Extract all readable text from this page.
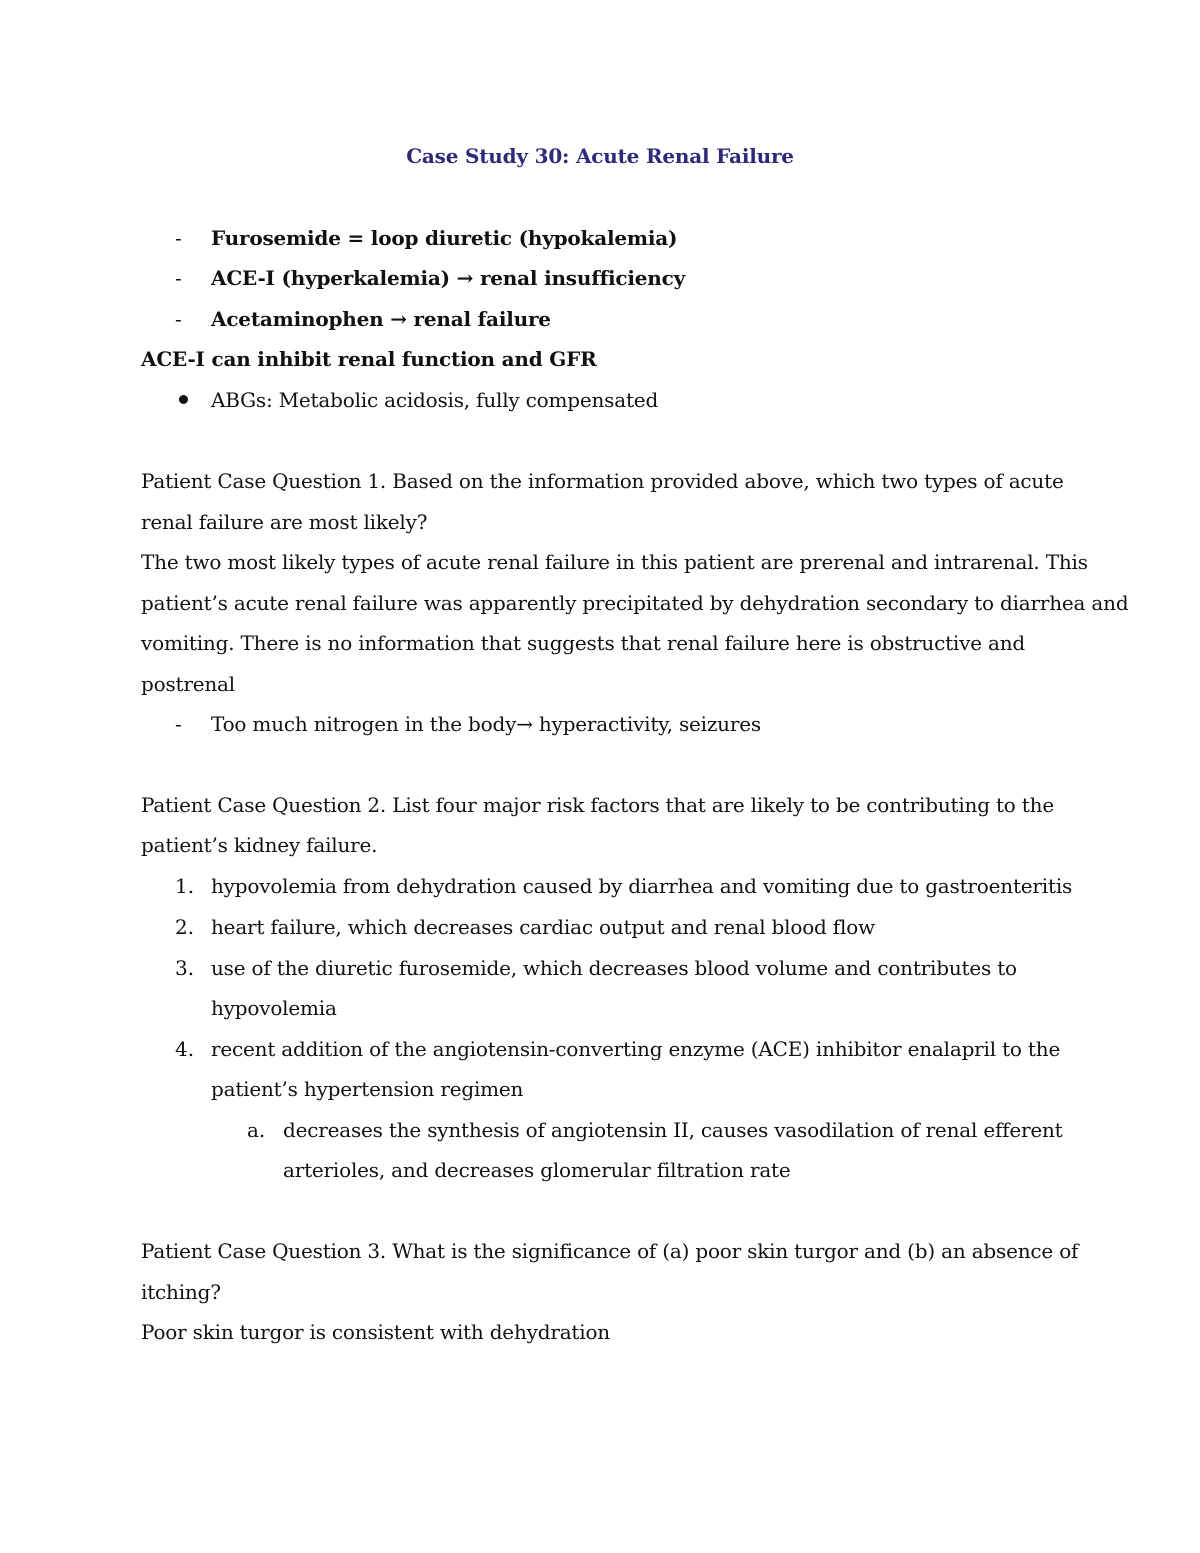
Case Study 30: Acute Renal Failure
- Furosemide = loop diuretic (hypokalemia)
- ACE-I (hyperkalemia) → renal insufficiency
- Acetaminophen → renal failure
ACE-I can inhibit renal function and GFR
ABGs: Metabolic acidosis, fully compensated
Patient Case Question 1. Based on the information provided above, which two types of acute
renal failure are most likely?
The two most likely types of acute renal failure in this patient are prerenal and intrarenal. This
patient’s acute renal failure was apparently precipitated by dehydration secondary to diarrhea and
vomiting. There is no information that suggests that renal failure here is obstructive and
postrenal
- Too much nitrogen in the body→ hyperactivity, seizures
Patient Case Question 2. List four major risk factors that are likely to be contributing to the
patient’s kidney failure.
1. hypovolemia from dehydration caused by diarrhea and vomiting due to gastroenteritis
2. heart failure, which decreases cardiac output and renal blood flow
3. use of the diuretic furosemide, which decreases blood volume and contributes to
hypovolemia
4. recent addition of the angiotensin-converting enzyme (ACE) inhibitor enalapril to the
patient’s hypertension regimen
a. decreases the synthesis of angiotensin II, causes vasodilation of renal efferent
arterioles, and decreases glomerular filtration rate
Patient Case Question 3. What is the significance of (a) poor skin turgor and (b) an absence of
itching?
Poor skin turgor is consistent with dehydration
